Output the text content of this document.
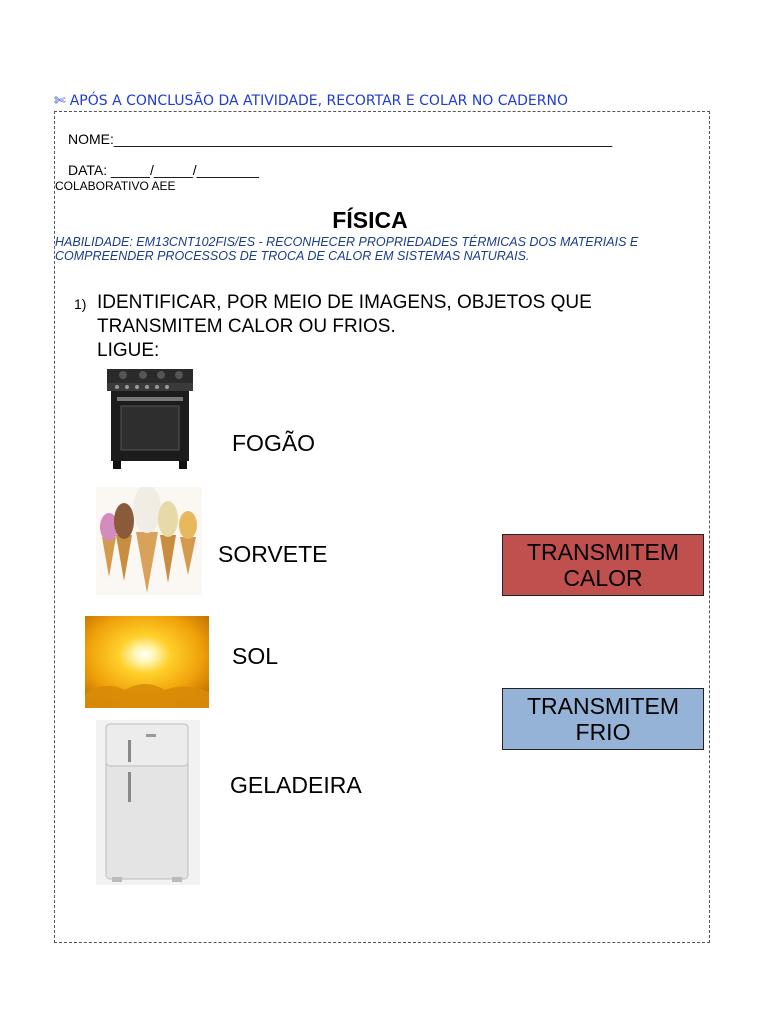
✄ APÓS A CONCLUSÃO DA ATIVIDADE, RECORTAR E COLAR NO CADERNO
NOME:________________________________________________________________
DATA: _____/_____/________
COLABORATIVO AEE
FÍSICA
HABILIDADE: EM13CNT102FIS/ES - RECONHECER PROPRIEDADES TÉRMICAS DOS MATERIAIS E COMPREENDER PROCESSOS DE TROCA DE CALOR EM SISTEMAS NATURAIS.
1) IDENTIFICAR, POR MEIO DE IMAGENS, OBJETOS QUE
TRANSMITEM CALOR OU FRIOS.
LIGUE:
FOGÃO
SORVETE
SOL
GELADEIRA
TRANSMITEM
CALOR
TRANSMITEM
FRIO
